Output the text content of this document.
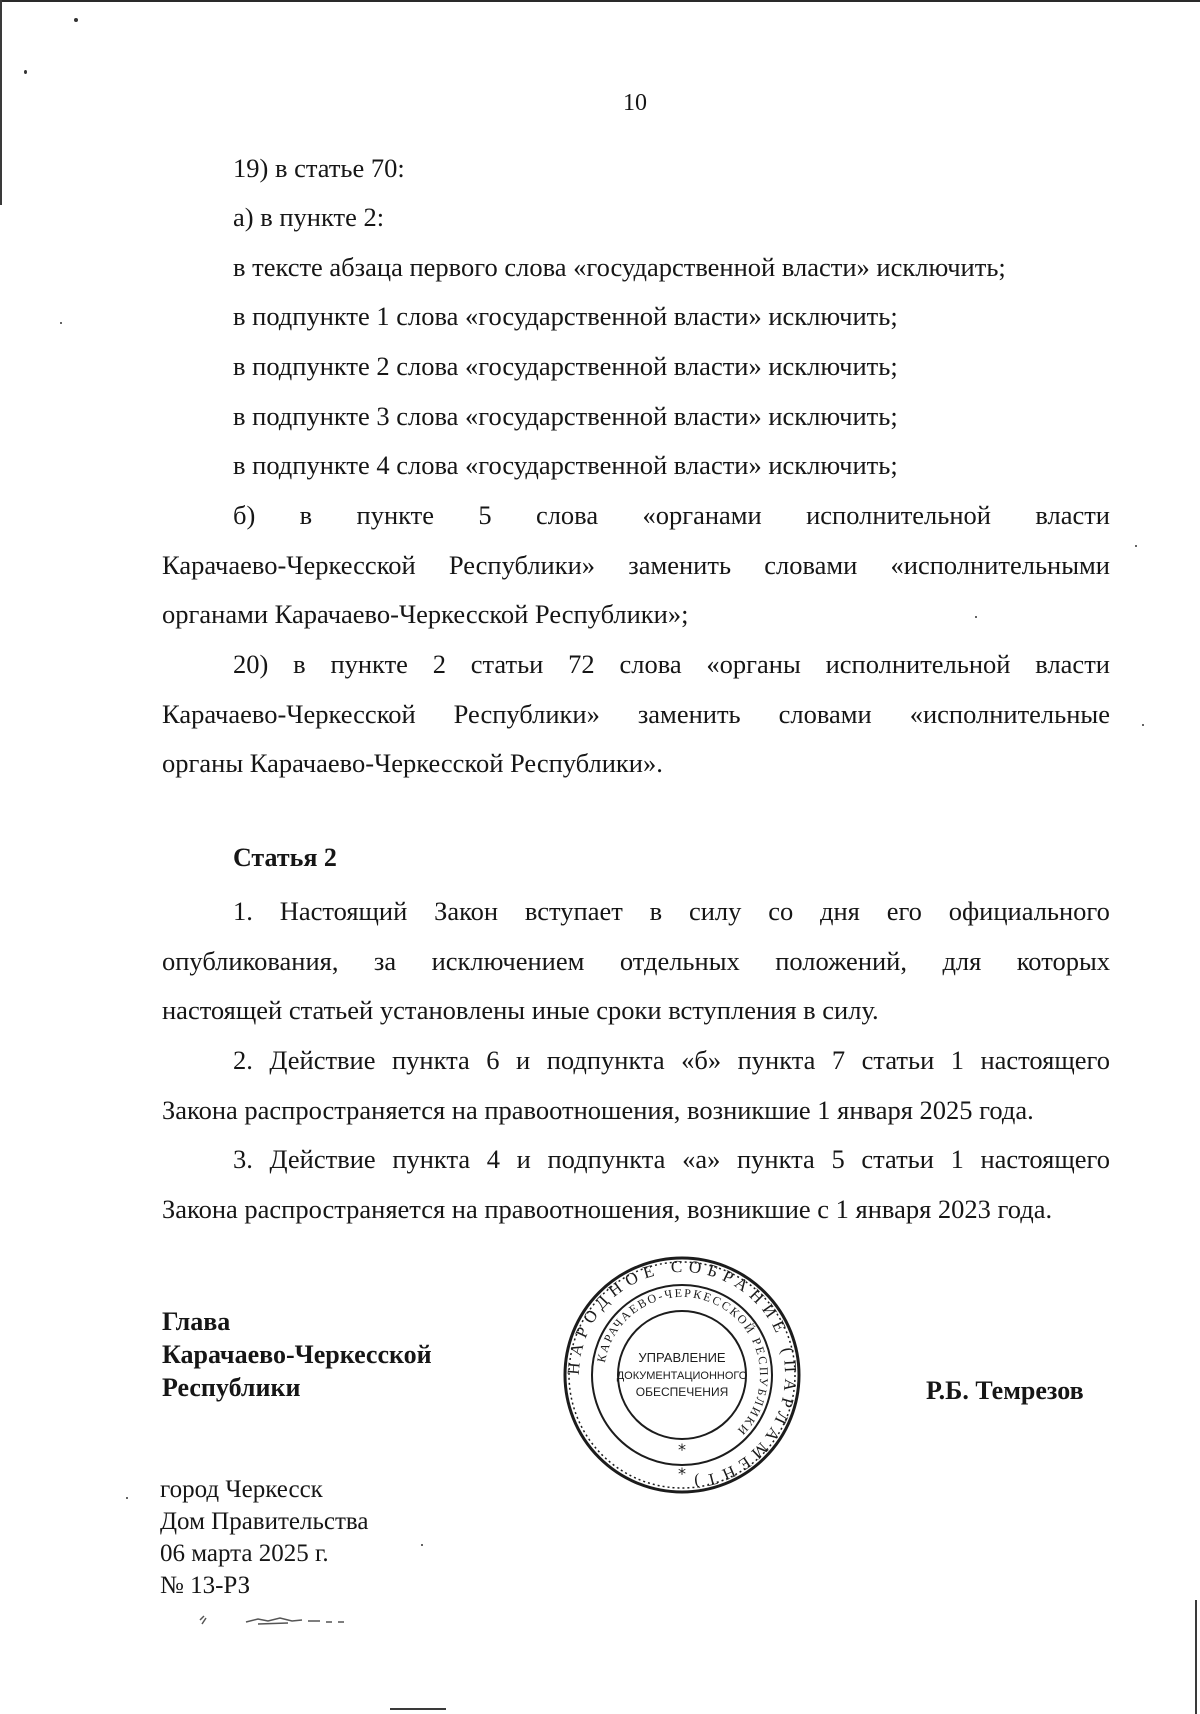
10
19) в статье 70:
а) в пункте 2:
в тексте абзаца первого слова «государственной власти» исключить;
в подпункте 1 слова «государственной власти» исключить;
в подпункте 2 слова «государственной власти» исключить;
в подпункте 3 слова «государственной власти» исключить;
в подпункте 4 слова «государственной власти» исключить;
б) в пункте 5 слова «органами исполнительной власти
Карачаево-Черкесской Республики» заменить словами «исполнительными
органами Карачаево-Черкесской Республики»;
20) в пункте 2 статьи 72 слова «органы исполнительной власти
Карачаево-Черкесской Республики» заменить словами «исполнительные
органы Карачаево-Черкесской Республики».
Статья 2
1. Настоящий Закон вступает в силу со дня его официального
опубликования, за исключением отдельных положений, для которых
настоящей статьей установлены иные сроки вступления в силу.
2. Действие пункта 6 и подпункта «б» пункта 7 статьи 1 настоящего
Закона распространяется на правоотношения, возникшие 1 января 2025 года.
3. Действие пункта 4 и подпункта «а» пункта 5 статьи 1 настоящего
Закона распространяется на правоотношения, возникшие с 1 января 2023 года.
Глава
Карачаево-Черкесской
Республики	Р.Б. Темрезов
НАРОДНОЕ СОБРАНИЕ (ПАРЛАМЕНТ)
КАРАЧАЕВО-ЧЕРКЕССКОЙ РЕСПУБЛИКИ
УПРАВЛЕНИЕ
ДОКУМЕНТАЦИОННОГО
ОБЕСПЕЧЕНИЯ
*
*
город Черкесск
Дом Правительства
06 марта 2025 г.
№ 13-РЗ
